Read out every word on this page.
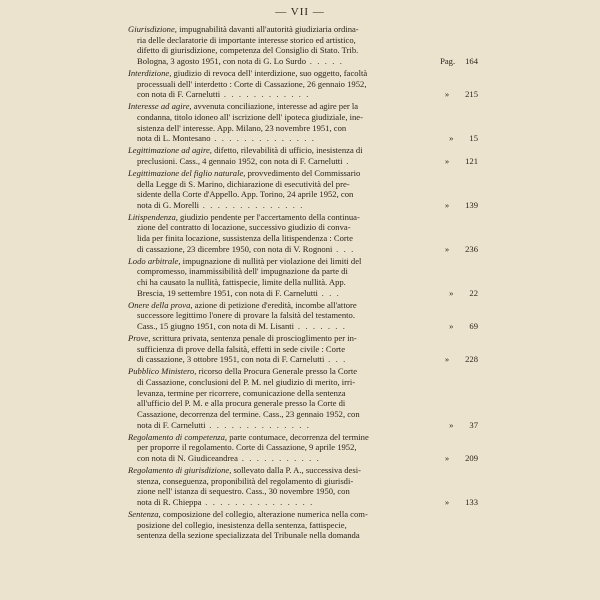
— VII —
Giurisdizione, impugnabilità davanti all'autorità giudiziaria ordina-
ria delle declaratorie di importante interesse storico ed artistico,
difetto di giurisdizione, competenza del Consiglio di Stato. Trib.
Bologna, 3 agosto 1951, con nota di G. Lo Surdo . . . . .	Pag. 164
Interdizione, giudizio di revoca dell' interdizione, suo oggetto, facoltà
processuali dell' interdetto : Corte di Cassazione, 26 gennaio 1952,
con nota di F. Carnelutti . . . . . . . . . . . .	» 215
Interesse ad agire, avvenuta conciliazione, interesse ad agire per la
condanna, titolo idoneo all' iscrizione dell' ipoteca giudiziale, ine-
sistenza dell' interesse. App. Milano, 23 novembre 1951, con
nota di L. Montesano . . . . . . . . . . . . . .	» 15
Legittimazione ad agire, difetto, rilevabilità di ufficio, inesistenza di
preclusioni. Cass., 4 gennaio 1952, con nota di F. Carnelutti .	» 121
Legittimazione del figlio naturale, provvedimento del Commissario
della Legge di S. Marino, dichiarazione di esecutività del pre-
sidente della Corte d'Appello. App. Torino, 24 aprile 1952, con
nota di G. Morelli . . . . . . . . . . . . . .	» 139
Litispendenza, giudizio pendente per l'accertamento della continua-
zione del contratto di locazione, successivo giudizio di conva-
lida per finita locazione, sussistenza della litispendenza : Corte
di cassazione, 23 dicembre 1950, con nota di V. Rognoni . . .	» 236
Lodo arbitrale, impugnazione di nullità per violazione dei limiti del
compromesso, inammissibilità dell' impugnazione da parte di
chi ha causato la nullità, fattispecie, limite della nullità. App.
Brescia, 19 settembre 1951, con nota di F. Carnelutti . . .	» 22
Onere della prova, azione di petizione d'eredità, incombe all'attore
successore legittimo l'onere di provare la falsità del testamento.
Cass., 15 giugno 1951, con nota di M. Lisanti . . . . . . .	» 69
Prove, scrittura privata, sentenza penale di proscioglimento per in-
sufficienza di prove della falsità, effetti in sede civile : Corte
di cassazione, 3 ottobre 1951, con nota di F. Carnelutti . . .	» 228
Pubblico Ministero, ricorso della Procura Generale presso la Corte
di Cassazione, conclusioni del P. M. nel giudizio di merito, irri-
levanza, termine per ricorrere, comunicazione della sentenza
all'ufficio del P. M. e alla procura generale presso la Corte di
Cassazione, decorrenza del termine. Cass., 23 gennaio 1952, con
nota di F. Carnelutti . . . . . . . . . . . . . .	» 37
Regolamento di competenza, parte contumace, decorrenza del termine
per proporre il regolamento. Corte di Cassazione, 9 aprile 1952,
con nota di N. Giudiceandrea . . . . . . . . . . .	» 209
Regolamento di giurisdizione, sollevato dalla P. A., successiva desi-
stenza, conseguenza, proponibilità del regolamento di giurisdi-
zione nell' istanza di sequestro. Cass., 30 novembre 1950, con
nota di R. Chieppa . . . . . . . . . . . . . . .	» 133
Sentenza, composizione del collegio, alterazione numerica nella com-
posizione del collegio, inesistenza della sentenza, fattispecie,
sentenza della sezione specializzata del Tribunale nella domanda
